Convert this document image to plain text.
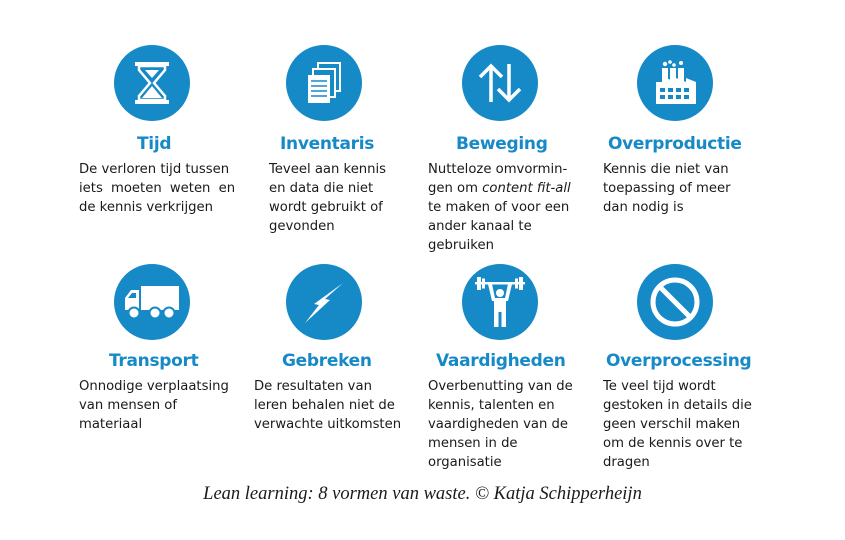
Tijd
De verloren tijd tussen
iets moeten weten en
de kennis verkrijgen
Inventaris
Teveel aan kennis
en data die niet
wordt gebruikt of
gevonden
Beweging
Nutteloze omvormin-
gen om content fit-all
te maken of voor een
ander kanaal te
gebruiken
Overproductie
Kennis die niet van
toepassing of meer
dan nodig is
Transport
Onnodige verplaatsing
van mensen of
materiaal
Gebreken
De resultaten van
leren behalen niet de
verwachte uitkomsten
Vaardigheden
Overbenutting van de
kennis, talenten en
vaardigheden van de
mensen in de
organisatie
Overprocessing
Te veel tijd wordt
gestoken in details die
geen verschil maken
om de kennis over te
dragen
Lean learning: 8 vormen van waste. © Katja Schipperheijn
